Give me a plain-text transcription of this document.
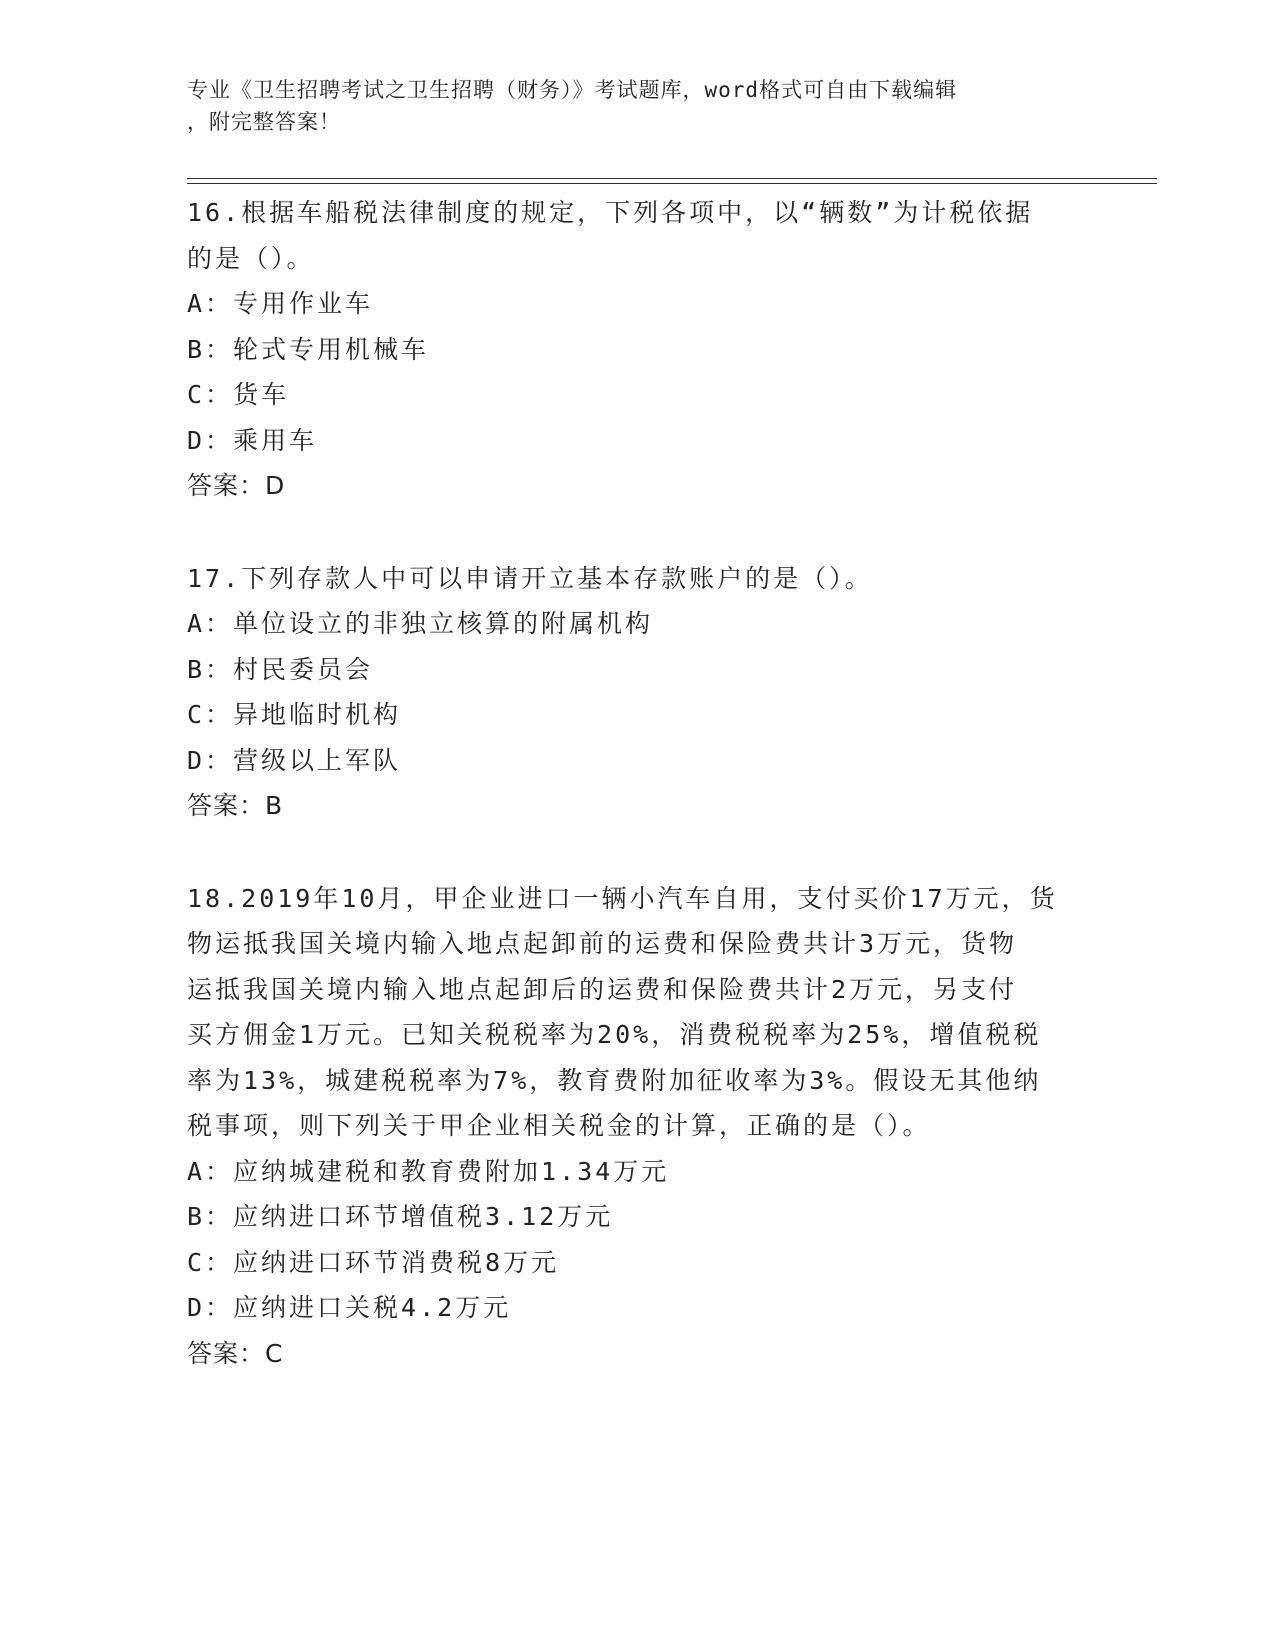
专业《卫生招聘考试之卫生招聘（财务）》考试题库，word格式可自由下载编辑
，附完整答案！

16.根据车船税法律制度的规定，下列各项中，以“辆数”为计税依据

的是（）。

A：专用作业车

B：轮式专用机械车

C：货车

D：乘用车

答案：D

17.下列存款人中可以申请开立基本存款账户的是（）。

A：单位设立的非独立核算的附属机构

B：村民委员会

C：异地临时机构

D：营级以上军队

答案：B

18.2019年10月，甲企业进口一辆小汽车自用，支付买价17万元，货

物运抵我国关境内输入地点起卸前的运费和保险费共计3万元，货物

运抵我国关境内输入地点起卸后的运费和保险费共计2万元，另支付

买方佣金1万元。已知关税税率为20%，消费税税率为25%，增值税税

率为13%，城建税税率为7%，教育费附加征收率为3%。假设无其他纳

税事项，则下列关于甲企业相关税金的计算，正确的是（）。

A：应纳城建税和教育费附加1.34万元

B：应纳进口环节增值税3.12万元

C：应纳进口环节消费税8万元

D：应纳进口关税4.2万元

答案：C
